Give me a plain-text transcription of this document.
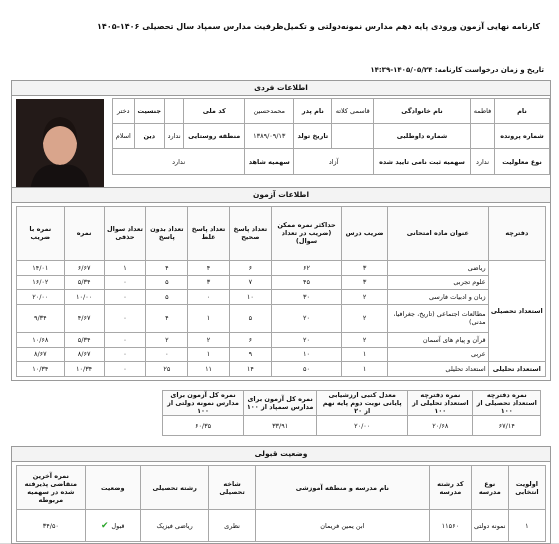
کارنامه نهایی آزمون ورودی پایه دهم مدارس نمونه‌دولتی و تکمیل‌ظرفیت مدارس سمپاد سال تحصیلی ۱۴۰۶-۱۴۰۵
تاریخ و زمان درخواست کارنامه: ۱۴۰۵/۰۵/۲۴-۱۴:۳۹
اطلاعات فردی
نام	فاطمه	نام خانوادگی	قاسمی کلاته	نام پدر	محمدحسین	کد ملی		جنسیت	دختر
شماره پرونده		شماره داوطلبی		تاریخ تولد	۱۳۸۹/۰۹/۱۳	منطقه روستایی	ندارد	دین	اسلام
نوع معلولیت	ندارد	سهمیه ثبت نامی تایید شده	آزاد		سهمیه شاهد	ندارد			
اطلاعات آزمون
دفترچه	عنوان ماده امتحانی	ضریب درس	حداکثر نمره ممکن (ضریب در تعداد سوال)	تعداد پاسخ صحیح	تعداد پاسخ غلط	تعداد بدون پاسخ	تعداد سوال حذفی	نمره	نمره با ضریب
استعداد تحصیلی	ریاضی	۳	۶۲	۶	۴	۴	۱	۶/۶۷	۱۴/۰۱
	علوم تجربی	۳	۴۵	۷	۳	۵	۰	۵/۳۴	۱۶/۰۲
	زبان و ادبیات فارسی	۲	۳۰	۱۰	۰	۵	۰	۱۰/۰۰	۲۰/۰۰
	مطالعات اجتماعی (تاریخ، جغرافیا، مدنی)	۲	۲۰	۵	۱	۴	۰	۴/۶۷	۹/۳۴
	قرآن و پیام های آسمان	۲	۲۰	۶	۲	۲	۰	۵/۳۴	۱۰/۶۸
	عربی	۱	۱۰	۹	۱	۰	۰	۸/۶۷	۸/۶۷
استعداد تحلیلی	استعداد تحلیلی	۱	۵۰	۱۴	۱۱	۲۵	۰	۱۰/۳۴	۱۰/۳۴
نمره دفترچه استعداد تحصیلی از ۱۰۰	نمره دفترچه استعداد تحلیلی از ۱۰۰	معدل کتبی ارزشیابی پایانی نوبت دوم پایه نهم از ۲۰	نمره کل آزمون برای مدارس سمپاد از ۱۰۰	نمره کل آزمون برای مدارس نمونه دولتی از ۱۰۰
۶۷/۱۴	۲۰/۶۸	۲۰/۰۰	۳۳/۹۱	۶۰/۳۵
وضعیت قبولی
اولویت انتخابی	نوع مدرسه	کد رشته مدرسه	نام مدرسه و منطقه آموزشی	شاخه تحصیلی	رشته تحصیلی	وضعیت	نمره آخرین متقاضی پذیرفته شده در سهمیه مربوطه
۱	نمونه دولتی	۱۱۵۶۰	ابن یمین فریمان	نظری	ریاضی فیزیک	قبول ✔	۳۴/۵۰
